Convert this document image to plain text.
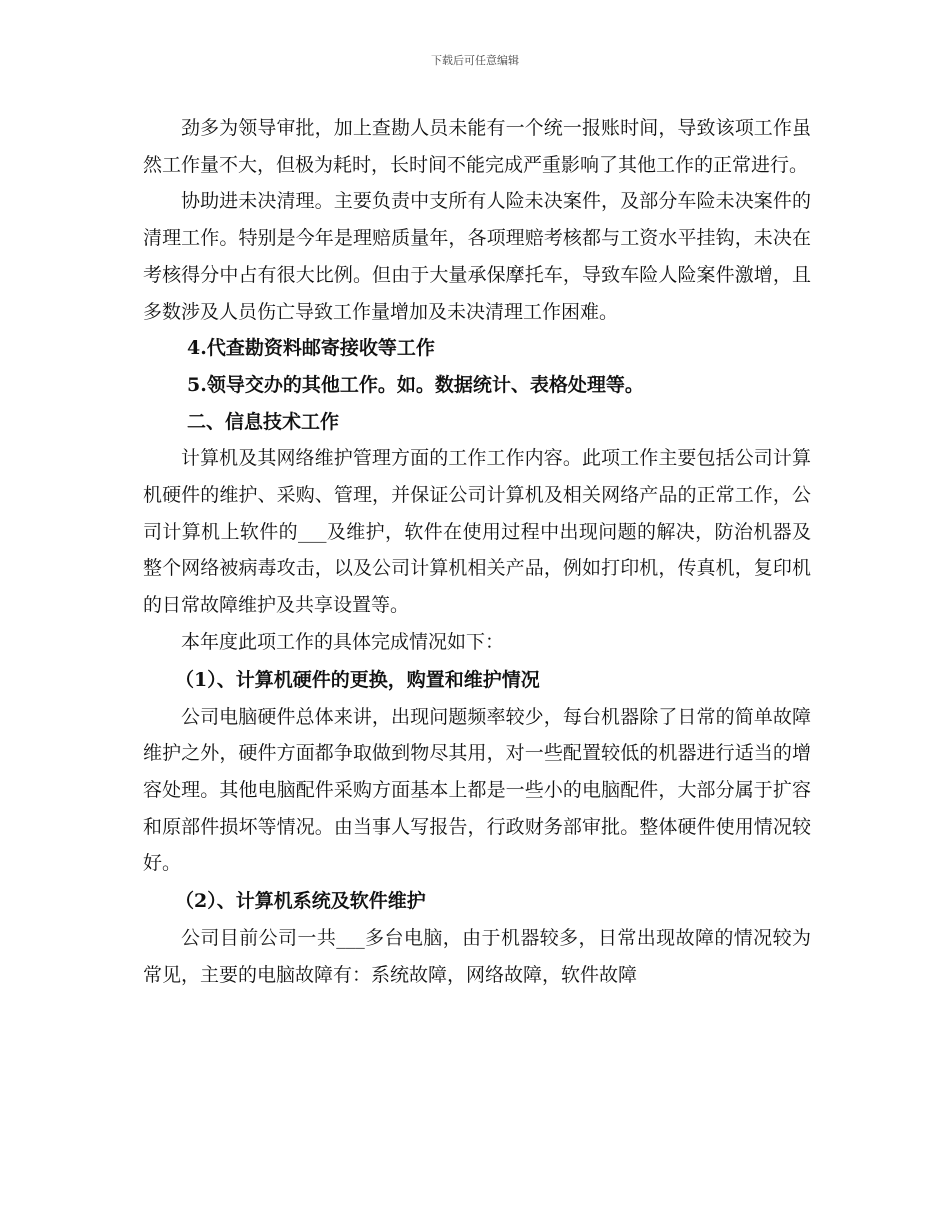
下载后可任意编辑

劲多为领导审批，加上查勘人员未能有一个统一报账时间，导致该项工作虽然工作量不大，但极为耗时，长时间不能完成严重影响了其他工作的正常进行。

协助进未决清理。主要负责中支所有人险未决案件，及部分车险未决案件的清理工作。特别是今年是理赔质量年，各项理赔考核都与工资水平挂钩，未决在考核得分中占有很大比例。但由于大量承保摩托车，导致车险人险案件激增，且多数涉及人员伤亡导致工作量增加及未决清理工作困难。

4.代查勘资料邮寄接收等工作

5.领导交办的其他工作。如。数据统计、表格处理等。

二、信息技术工作

计算机及其网络维护管理方面的工作工作内容。此项工作主要包括公司计算机硬件的维护、采购、管理，并保证公司计算机及相关网络产品的正常工作，公司计算机上软件的___及维护，软件在使用过程中出现问题的解决，防治机器及整个网络被病毒攻击，以及公司计算机相关产品，例如打印机，传真机，复印机的日常故障维护及共享设置等。

本年度此项工作的具体完成情况如下：

（1）、计算机硬件的更换，购置和维护情况

公司电脑硬件总体来讲，出现问题频率较少，每台机器除了日常的简单故障维护之外，硬件方面都争取做到物尽其用，对一些配置较低的机器进行适当的增容处理。其他电脑配件采购方面基本上都是一些小的电脑配件，大部分属于扩容和原部件损坏等情况。由当事人写报告，行政财务部审批。整体硬件使用情况较好。

（2）、计算机系统及软件维护

公司目前公司一共___多台电脑，由于机器较多，日常出现故障的情况较为常见，主要的电脑故障有：系统故障，网络故障，软件故障
